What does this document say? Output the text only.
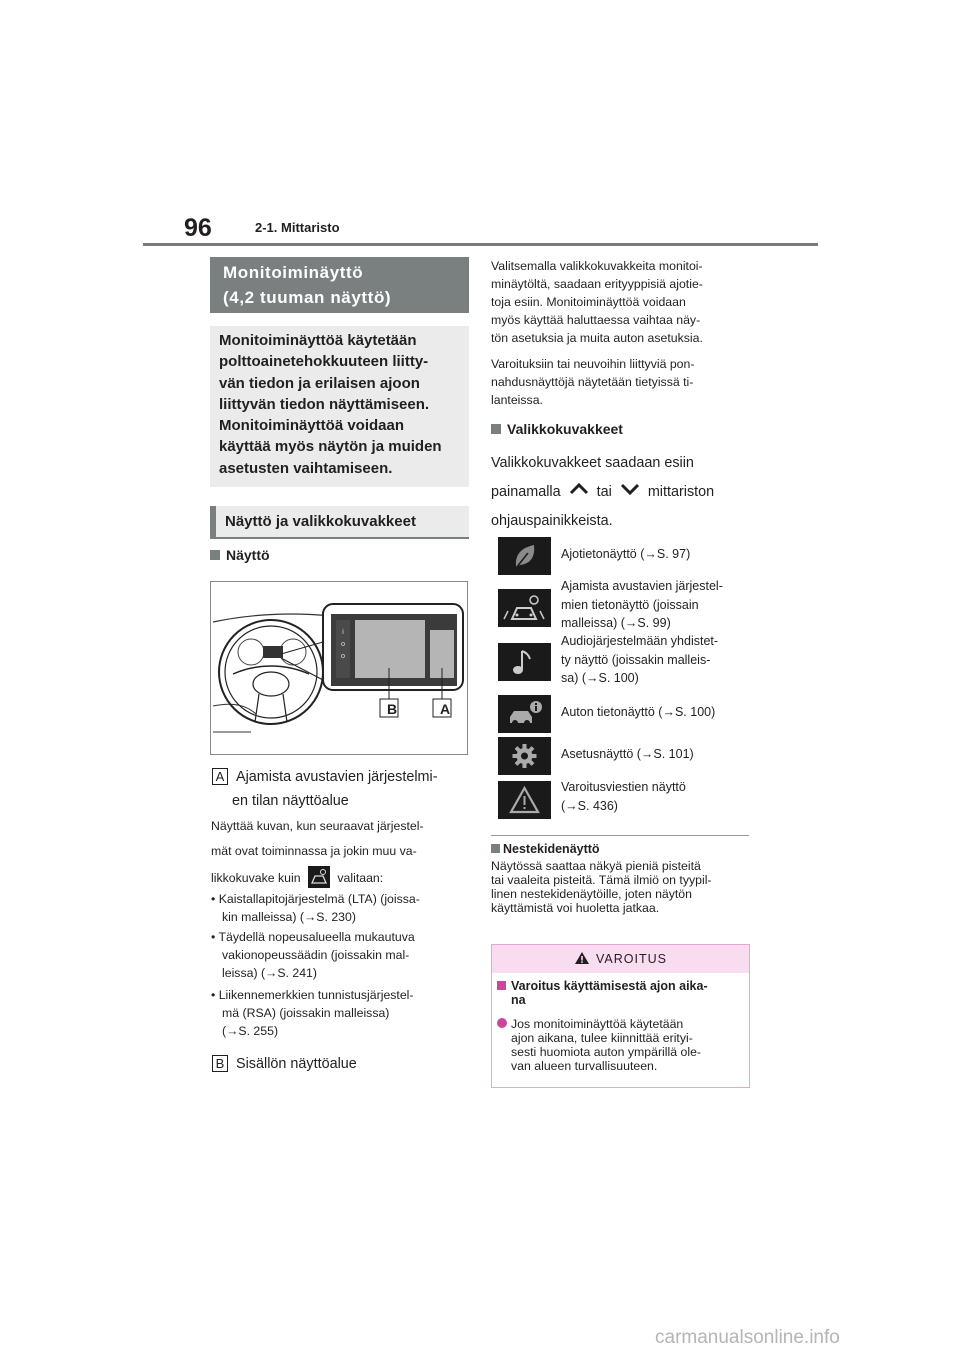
96	2-1. Mittaristo
Monitoiminäyttö
(4,2 tuuman näyttö)
Monitoiminäyttöä käytetään
polttoainetehokkuuteen liitty-
vän tiedon ja erilaisen ajoon
liittyvän tiedon näyttämiseen.
Monitoiminäyttöä voidaan
käyttää myös näytön ja muiden
asetusten vaihtamiseen.
Näyttö ja valikkokuvakkeet
Näyttö
i
o
o
B	A
A Ajamista avustavien järjestelmi-
en tilan näyttöalue
Näyttää kuvan, kun seuraavat järjestel-
mät ovat toiminnassa ja jokin muu va-
likkokuvake kuin	valitaan:
• Kaistallapitojärjestelmä (LTA) (joissa-
kin malleissa) (→S. 230)
• Täydellä nopeusalueella mukautuva
vakionopeussäädin (joissakin mal-
leissa) (→S. 241)
• Liikennemerkkien tunnistusjärjestel-
mä (RSA) (joissakin malleissa)
(→S. 255)
B Sisällön näyttöalue
Valitsemalla valikkokuvakkeita monitoi-
minäytöltä, saadaan erityyppisiä ajotie-
toja esiin. Monitoiminäyttöä voidaan
myös käyttää haluttaessa vaihtaa näy-
tön asetuksia ja muita auton asetuksia.
Varoituksiin tai neuvoihin liittyviä pon-
nahdusnäyttöjä näytetään tietyissä ti-
lanteissa.
Valikkokuvakkeet
Valikkokuvakkeet saadaan esiin
painamalla	tai	mittariston
ohjauspainikkeista.
Ajotietonäyttö (→S. 97)
Ajamista avustavien järjestel-
mien tietonäyttö (joissain
malleissa) (→S. 99)
Audiojärjestelmään yhdistet-
ty näyttö (joissakin malleis-
sa) (→S. 100)
Auton tietonäyttö (→S. 100)
Asetusnäyttö (→S. 101)
Varoitusviestien näyttö
(→S. 436)
Nestekidenäyttö
Näytössä saattaa näkyä pieniä pisteitä
tai vaaleita pisteitä. Tämä ilmiö on tyypil-
linen nestekidenäytöille, joten näytön
käyttämistä voi huoletta jatkaa.
VAROITUS
Varoitus käyttämisestä ajon aika-
na
Jos monitoiminäyttöä käytetään
ajon aikana, tulee kiinnittää erityi-
sesti huomiota auton ympärillä ole-
van alueen turvallisuuteen.
carmanualsonline.info
